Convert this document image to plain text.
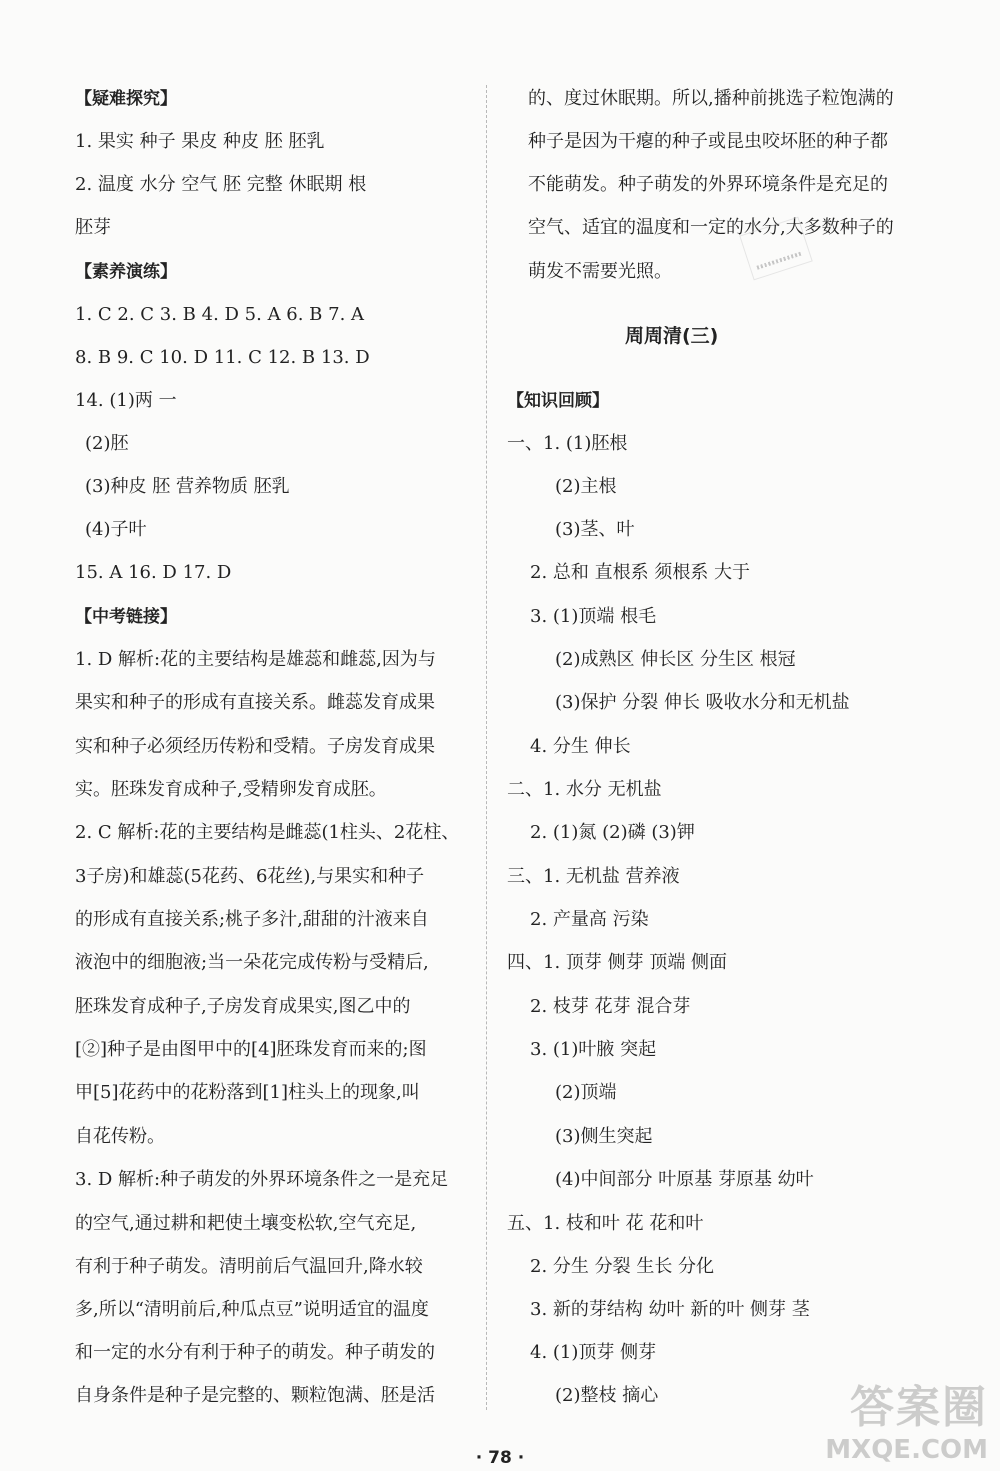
【疑难探究】
1. 果实 种子 果皮 种皮 胚 胚乳
2. 温度 水分 空气 胚 完整 休眠期 根
胚芽
【素养演练】
1. C 2. C 3. B 4. D 5. A 6. B 7. A
8. B 9. C 10. D 11. C 12. B 13. D
14. (1)两 一
(2)胚
(3)种皮 胚 营养物质 胚乳
(4)子叶
15. A 16. D 17. D
【中考链接】
1. D 解析:花的主要结构是雄蕊和雌蕊,因为与
果实和种子的形成有直接关系。雌蕊发育成果
实和种子必须经历传粉和受精。子房发育成果
实。胚珠发育成种子,受精卵发育成胚。
2. C 解析:花的主要结构是雌蕊(1柱头、2花柱、
3子房)和雄蕊(5花药、6花丝),与果实和种子
的形成有直接关系;桃子多汁,甜甜的汁液来自
液泡中的细胞液;当一朵花完成传粉与受精后,
胚珠发育成种子,子房发育成果实,图乙中的
[②]种子是由图甲中的[4]胚珠发育而来的;图
甲[5]花药中的花粉落到[1]柱头上的现象,叫
自花传粉。
3. D 解析:种子萌发的外界环境条件之一是充足
的空气,通过耕和耙使土壤变松软,空气充足,
有利于种子萌发。清明前后气温回升,降水较
多,所以“清明前后,种瓜点豆”说明适宜的温度
和一定的水分有利于种子的萌发。种子萌发的
自身条件是种子是完整的、颗粒饱满、胚是活
的、度过休眠期。所以,播种前挑选子粒饱满的
种子是因为干瘪的种子或昆虫咬坏胚的种子都
不能萌发。种子萌发的外界环境条件是充足的
空气、适宜的温度和一定的水分,大多数种子的
萌发不需要光照。
周周清(三)
【知识回顾】
一、1. (1)胚根
(2)主根
(3)茎、叶
2. 总和 直根系 须根系 大于
3. (1)顶端 根毛
(2)成熟区 伸长区 分生区 根冠
(3)保护 分裂 伸长 吸收水分和无机盐
4. 分生 伸长
二、1. 水分 无机盐
2. (1)氮 (2)磷 (3)钾
三、1. 无机盐 营养液
2. 产量高 污染
四、1. 顶芽 侧芽 顶端 侧面
2. 枝芽 花芽 混合芽
3. (1)叶腋 突起
(2)顶端
(3)侧生突起
(4)中间部分 叶原基 芽原基 幼叶
五、1. 枝和叶 花 花和叶
2. 分生 分裂 生长 分化
3. 新的芽结构 幼叶 新的叶 侧芽 茎
4. (1)顶芽 侧芽
(2)整枝 摘心
· 78 ·
答案圈
MXQE.COM
